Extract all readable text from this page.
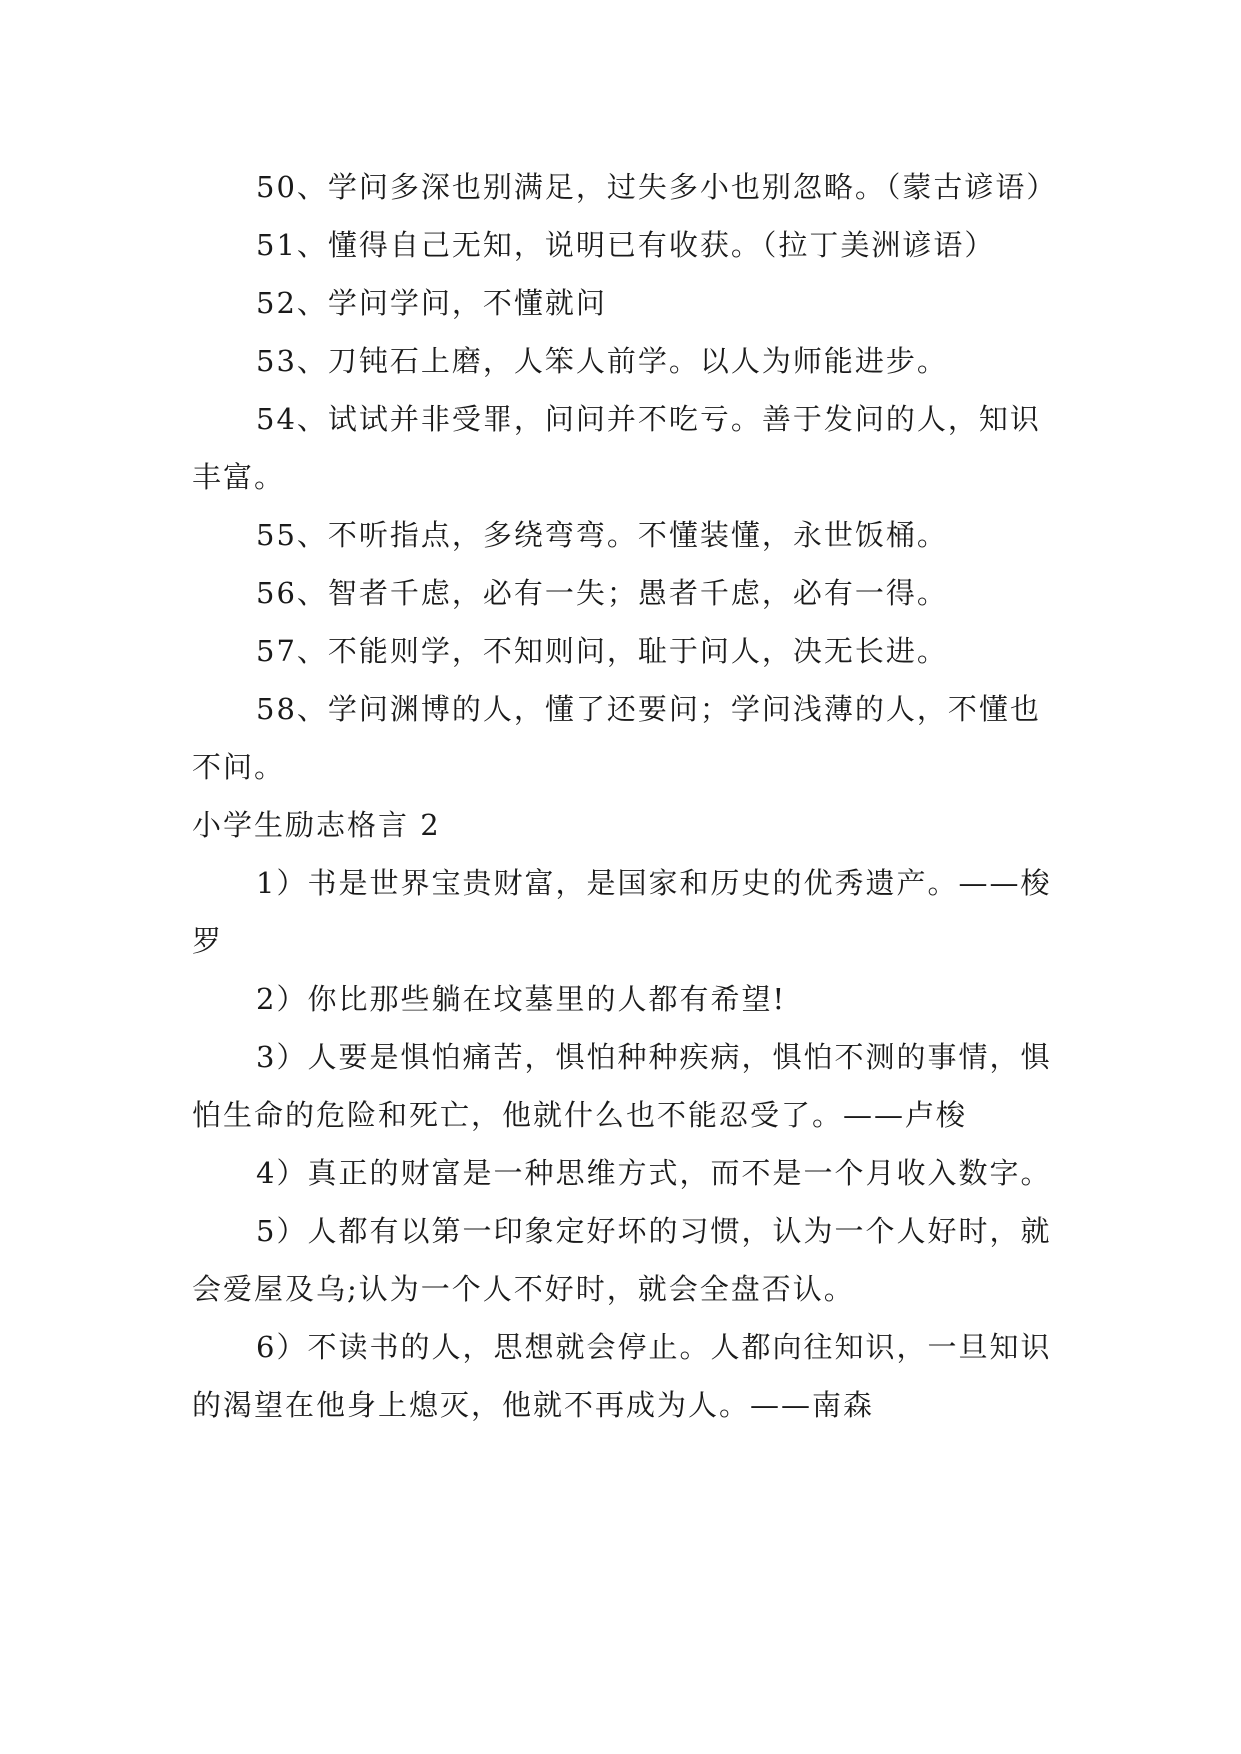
50、学问多深也别满足，过失多小也别忽略。（蒙古谚语）

51、懂得自己无知，说明已有收获。（拉丁美洲谚语）

52、学问学问，不懂就问

53、刀钝石上磨，人笨人前学。以人为师能进步。

54、试试并非受罪，问问并不吃亏。善于发问的人，知识丰富。

55、不听指点，多绕弯弯。不懂装懂，永世饭桶。

56、智者千虑，必有一失；愚者千虑，必有一得。

57、不能则学，不知则问，耻于问人，决无长进。

58、学问渊博的人，懂了还要问；学问浅薄的人，不懂也不问。

小学生励志格言 2

1）书是世界宝贵财富，是国家和历史的优秀遗产。——梭罗

2）你比那些躺在坟墓里的人都有希望!

3）人要是惧怕痛苦，惧怕种种疾病，惧怕不测的事情，惧怕生命的危险和死亡，他就什么也不能忍受了。——卢梭

4）真正的财富是一种思维方式，而不是一个月收入数字。

5）人都有以第一印象定好坏的习惯，认为一个人好时，就会爱屋及乌;认为一个人不好时，就会全盘否认。

6）不读书的人，思想就会停止。人都向往知识，一旦知识的渴望在他身上熄灭，他就不再成为人。——南森
